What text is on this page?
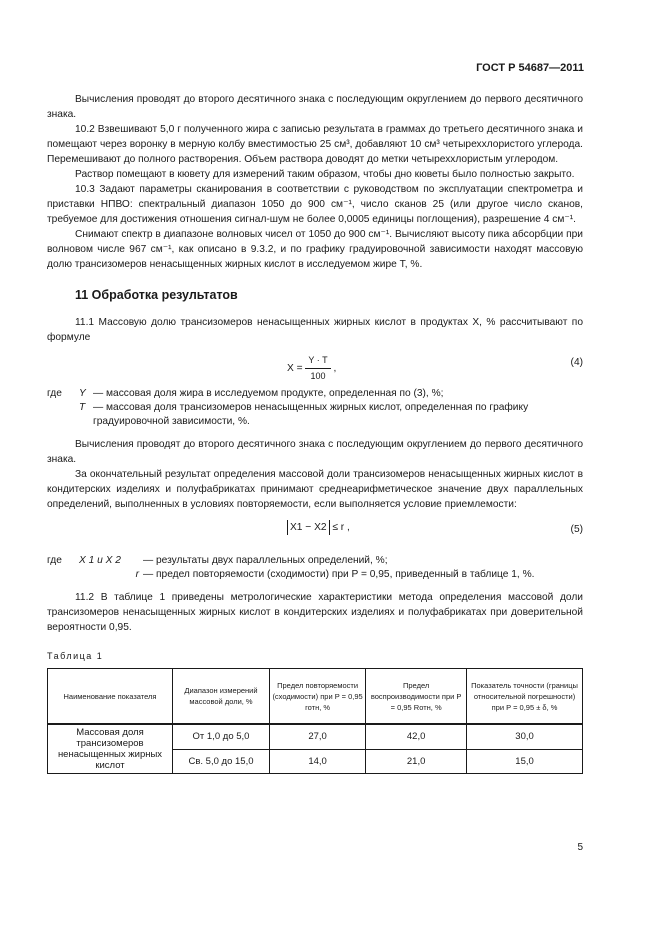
ГОСТ Р 54687—2011

Вычисления проводят до второго десятичного знака с последующим округлением до первого десятичного знака.

10.2 Взвешивают 5,0 г полученного жира с записью результата в граммах до третьего десятичного знака и помещают через воронку в мерную колбу вместимостью 25 см³, добавляют 10 см³ четыреххлористого углерода. Перемешивают до полного растворения. Объем раствора доводят до метки четыреххлористым углеродом.

Раствор помещают в кювету для измерений таким образом, чтобы дно кюветы было полностью закрыто.

10.3 Задают параметры сканирования в соответствии с руководством по эксплуатации спектрометра и приставки НПВО: спектральный диапазон 1050 до 900 см⁻¹, число сканов 25 (или другое число сканов, требуемое для достижения отношения сигнал-шум не более 0,0005 единицы поглощения), разрешение 4 см⁻¹.

Снимают спектр в диапазоне волновых чисел от 1050 до 900 см⁻¹. Вычисляют высоту пика абсорбции при волновом числе 967 см⁻¹, как описано в 9.3.2, и по графику градуировочной зависимости находят массовую долю трансизомеров ненасыщенных жирных кислот в исследуемом жире T, %.

11 Обработка результатов

11.1 Массовую долю трансизомеров ненасыщенных жирных кислот в продуктах X, % рассчитывают по формуле

$X = \frac{Y \cdot T}{100}$ ,
(4)
где	Y — массовая доля жира в исследуемом продукте, определенная по (3), %;
T — массовая доля трансизомеров ненасыщенных жирных кислот, определенная по графику градуировочной зависимости, %.

Вычисления проводят до второго десятичного знака с последующим округлением до первого десятичного знака.

За окончательный результат определения массовой доли трансизомеров ненасыщенных жирных кислот в кондитерских изделиях и полуфабрикатах принимают среднеарифметическое значение двух параллельных определений, выполненных в условиях повторяемости, если выполняется условие приемлемости:

X1 − X2 ≤ r ,	(5)
где	X 1 и X 2	— результаты двух параллельных определений, %;
r — предел повторяемости (сходимости) при P = 0,95, приведенный в таблице 1, %.

11.2 В таблице 1 приведены метрологические характеристики метода определения массовой доли трансизомеров ненасыщенных жирных кислот в кондитерских изделиях и полуфабрикатах при доверительной вероятности 0,95.

Таблица 1
Наименование показателя	Диапазон измерений массовой доли, %	Предел повторяемости (сходимости) при P = 0,95 rотн, %	Предел воспроизводимости при P = 0,95 Rотн, %	Показатель точности (границы относительной погрешности) при P = 0,95 ± δ, %
Массовая доля трансизомеров ненасыщенных жирных кислот	От 1,0 до 5,0	27,0	42,0	30,0
	Св. 5,0 до 15,0	14,0	21,0	15,0
5
